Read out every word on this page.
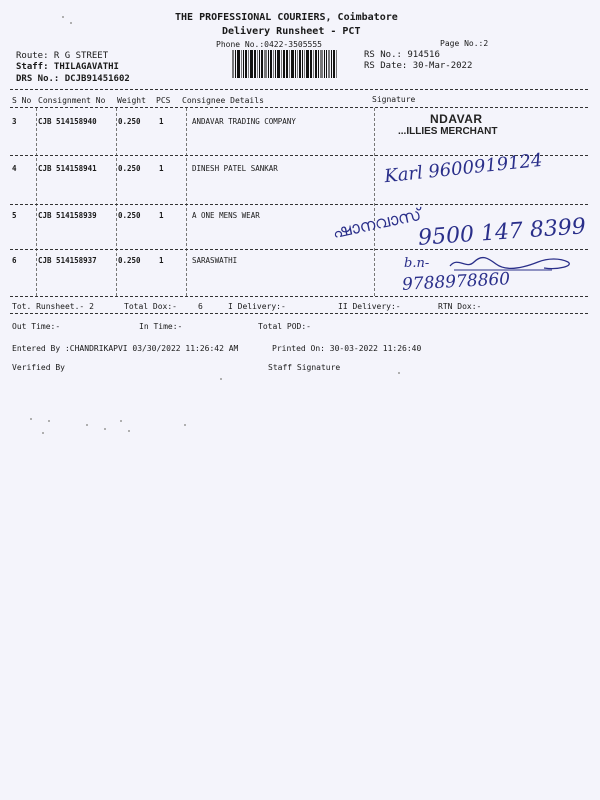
THE PROFESSIONAL COURIERS, Coimbatore
Delivery Runsheet - PCT
Phone No.:0422-3505555	Page No.:2
Route: R G STREET
Staff: THILAGAVATHI
DRS No.: DCJB91451602
RS No.: 914516
RS Date: 30-Mar-2022
S No Consignment No Weight PCS Consignee Details	Signature
3	CJB 514158940	0.250 1	ANDAVAR TRADING COMPANY	NDAVAR
...ILLIES MERCHANT
4	CJB 514158941	0.250 1	DINESH PATEL SANKAR	Karl 9600919124
5	CJB 514158939	0.250 1	A ONE MENS WEAR	ഷാനവാസ്
9500 147 8399
6	CJB 514158937	0.250 1	SARASWATHI	b.n-
9788978860
Tot. Runsheet.- 2	Total Dox:-	6	I Delivery:-	II Delivery:-	RTN Dox:-
Out Time:-	In Time:-	Total POD:-
Entered By :CHANDRIKAPVI 03/30/2022 11:26:42 AM	Printed On: 30-03-2022 11:26:40
Verified By	Staff Signature
